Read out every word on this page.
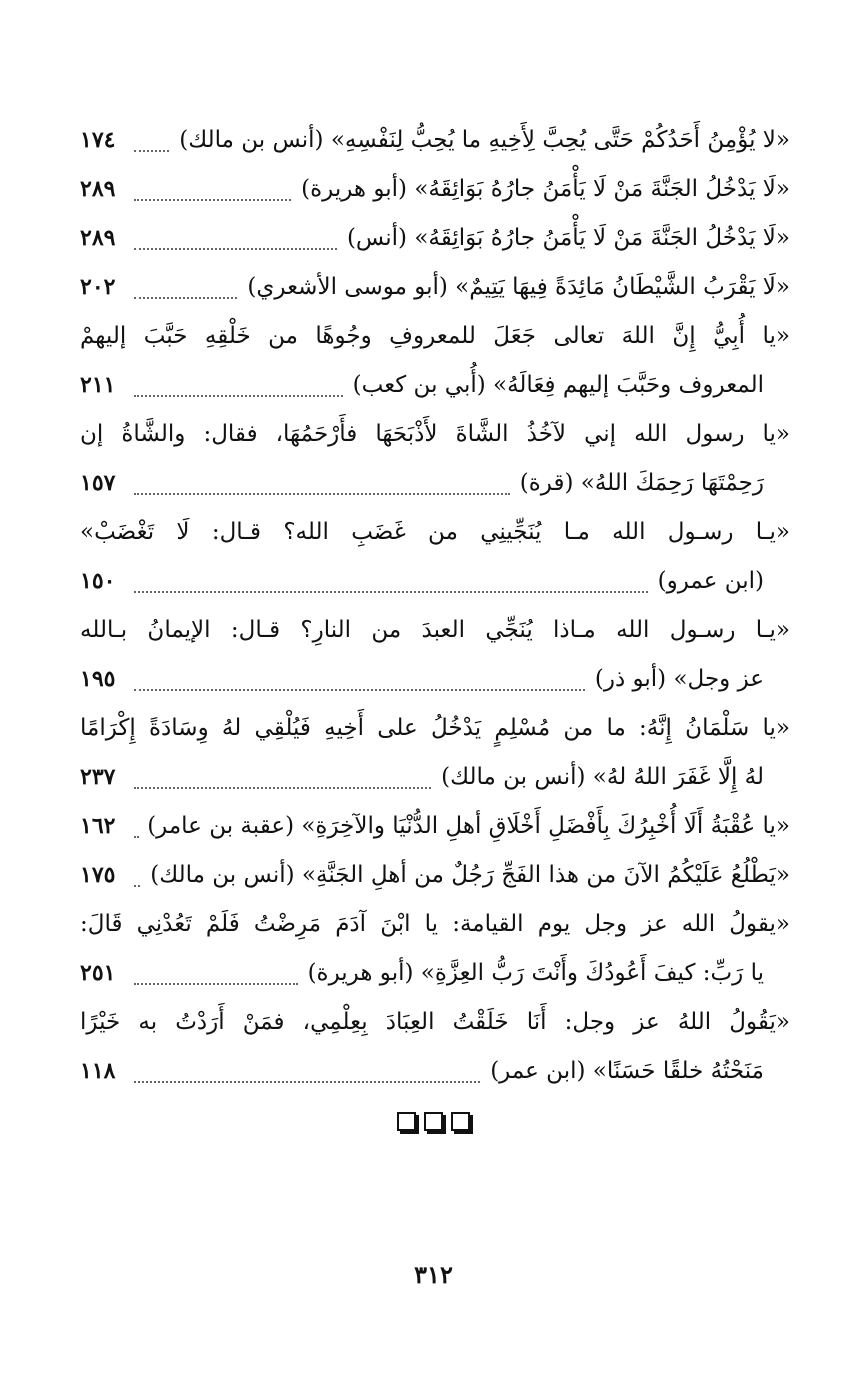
«لا يُؤْمِنُ أَحَدُكُمْ حَتَّى يُحِبَّ لِأَخِيهِ ما يُحِبُّ لِنَفْسِهِ» (أنس بن مالك)
١٧٤
«لَا يَدْخُلُ الجَنَّةَ مَنْ لَا يَأْمَنُ جارُهُ بَوَائِقَهُ» (أبو هريرة)
٢٨٩
«لَا يَدْخُلُ الجَنَّةَ مَنْ لَا يَأْمَنُ جارُهُ بَوَائِقَهُ» (أنس)
٢٨٩
«لَا يَقْرَبُ الشَّيْطَانُ مَائِدَةً فِيهَا يَتِيمٌ» (أبو موسى الأشعري)
٢٠٢
«يا أُبِيُّ إِنَّ اللهَ تعالى جَعَلَ للمعروفِ وجُوهًا من خَلْقِهِ حَبَّبَ إليهمْ
المعروف وحَبَّبَ إليهم فِعَالَهُ» (أُبي بن كعب)
٢١١
«يا رسول الله إني لآخُذُ الشَّاةَ لأَذْبَحَهَا فأَرْحَمُهَا، فقال: والشَّاةُ إن
رَحِمْتَهَا رَحِمَكَ اللهُ» (قرة)
١٥٧
«يـا رسـول الله مـا يُنَجِّينِي من غَضَبِ الله؟ قـال: لَا تَغْضَبْ»
(ابن عمرو)
١٥٠
«يـا رسـول الله مـاذا يُنَجِّي العبدَ من النارِ؟ قـال: الإيمانُ بـالله
عز وجل» (أبو ذر)
١٩٥
«يا سَلْمَانُ إِنَّهُ: ما من مُسْلِمٍ يَدْخُلُ على أَخِيهِ فَيُلْقِي لهُ وِسَادَةً إِكْرَامًا
لهُ إِلَّا غَفَرَ اللهُ لهُ» (أنس بن مالك)
٢٣٧
«يا عُقْبَةُ أَلَا أُخْبِرُكَ بِأَفْضَلِ أَخْلَاقِ أهلِ الدُّنْيَا والآخِرَةِ» (عقبة بن عامر)
١٦٢
«يَطْلُعُ عَلَيْكُمُ الآنَ من هذا الفَجِّ رَجُلٌ من أهلِ الجَنَّةِ» (أنس بن مالك)
١٧٥
«يقولُ الله عز وجل يوم القيامة: يا ابْنَ آدَمَ مَرِضْتُ فَلَمْ تَعُدْنِي قَالَ:
يا رَبِّ: كيفَ أَعُودُكَ وأَنْتَ رَبُّ العِزَّةِ» (أبو هريرة)
٢٥١
«يَقُولُ اللهُ عز وجل: أَنَا خَلَقْتُ العِبَادَ بِعِلْمِي، فمَنْ أَرَدْتُ به خَيْرًا
مَنَحْتُهُ خلقًا حَسَنًا» (ابن عمر)
١١٨
٣١٢
